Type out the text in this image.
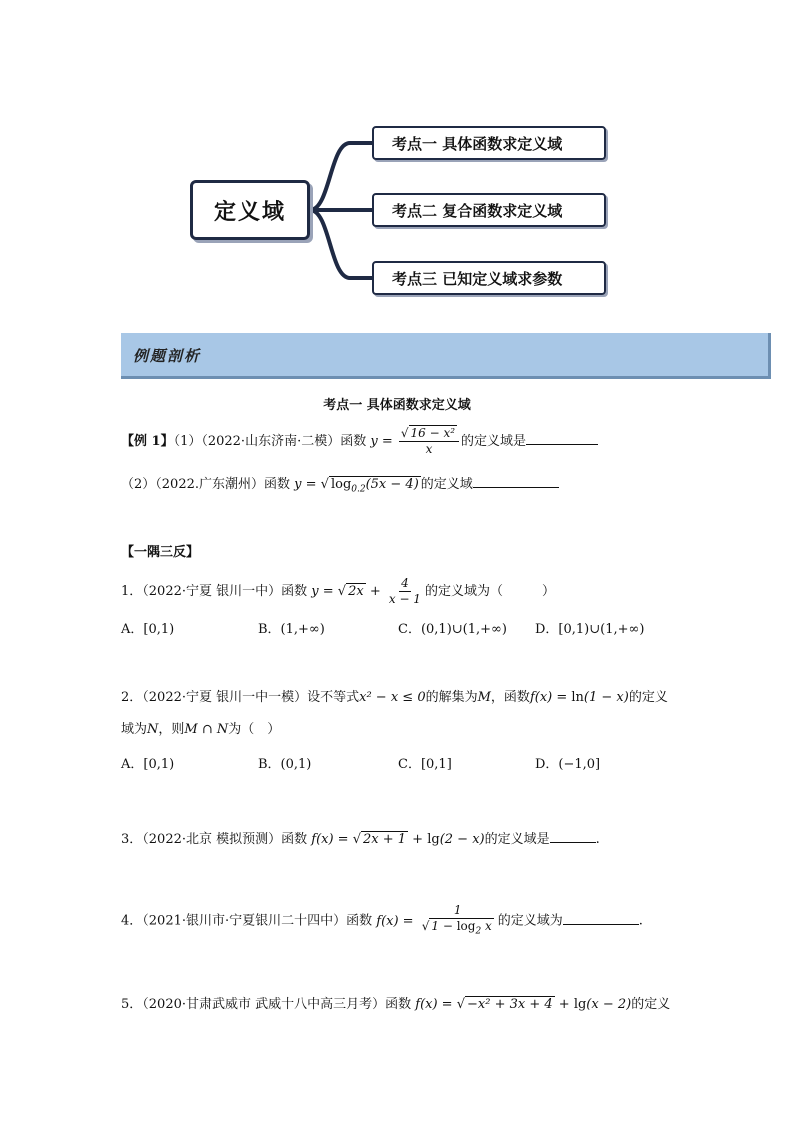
定义域
考点一 具体函数求定义域
考点二 复合函数求定义域
考点三 已知定义域求参数
例题剖析
考点一 具体函数求定义域
【例 1】（1）（2022·山东济南·二模）函数 $y = \frac{\text{√ 16 − x²}}{x}$ 的定义域是
（2）（2022.广东潮州）函数 y = √ $\log_{0.2}(5x - 4)$ 的定义域
【一隅三反】
1．（2022·宁夏 银川一中）函数 y = √ $2x + \frac{4}{x - 1}$ 的定义域为（　　　）
A．[0,1)	B．(1,+∞)	C．(0,1)∪(1,+∞) D．[0,1)∪(1,+∞)
2．（2022·宁夏 银川一中一模）设不等式x² − x ≤ 0的解集为M，函数f(x) = ln(1 − x)的定义
域为N，则M ∩ N为（　）
A．[0,1)	B．(0,1)	C．[0,1]	D．(−1,0]
3．（2022·北京 模拟预测）函数 f(x) = √ 2x + 1 + lg(2 − x)的定义域是	.
4．（2021·银川市·宁夏银川二十四中）函数 $f(x) = \frac{1}{√ 1 - \log_2 x}$ 的定义域为	.
5．（2020·甘肃武威市 武威十八中高三月考）函数 f(x) = √ −x² + 3x + 4 + lg(x − 2)的定义
